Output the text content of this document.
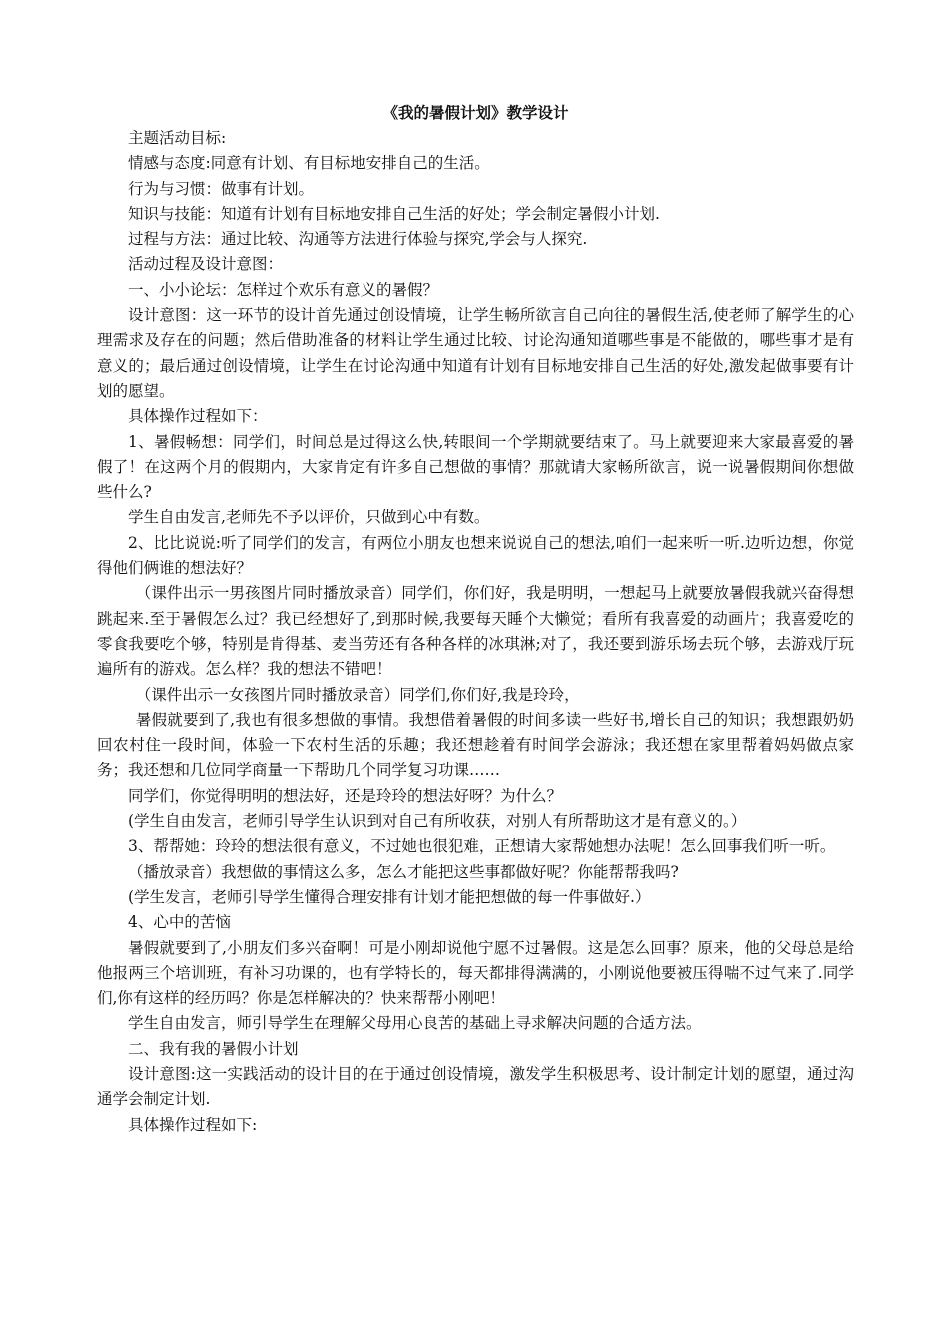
《我的暑假计划》教学设计

主题活动目标:

情感与态度:同意有计划、有目标地安排自己的生活。

行为与习惯：做事有计划。

知识与技能：知道有计划有目标地安排自己生活的好处；学会制定暑假小计划.

过程与方法：通过比较、沟通等方法进行体验与探究,学会与人探究.

活动过程及设计意图：

一、小小论坛：怎样过个欢乐有意义的暑假？

设计意图：这一环节的设计首先通过创设情境，让学生畅所欲言自己向往的暑假生活,使老师了解学生的心理需求及存在的问题；然后借助准备的材料让学生通过比较、讨论沟通知道哪些事是不能做的，哪些事才是有意义的；最后通过创设情境，让学生在讨论沟通中知道有计划有目标地安排自己生活的好处,激发起做事要有计划的愿望。

具体操作过程如下：

1、暑假畅想：同学们，时间总是过得这么快,转眼间一个学期就要结束了。马上就要迎来大家最喜爱的暑假了！在这两个月的假期内，大家肯定有许多自己想做的事情？那就请大家畅所欲言，说一说暑假期间你想做些什么?

学生自由发言,老师先不予以评价，只做到心中有数。

2、比比说说:听了同学们的发言，有两位小朋友也想来说说自己的想法,咱们一起来听一听.边听边想，你觉得他们俩谁的想法好？

（课件出示一男孩图片同时播放录音）同学们，你们好，我是明明，一想起马上就要放暑假我就兴奋得想跳起来.至于暑假怎么过？我已经想好了,到那时候,我要每天睡个大懒觉；看所有我喜爱的动画片；我喜爱吃的零食我要吃个够，特别是肯得基、麦当劳还有各种各样的冰琪淋;对了，我还要到游乐场去玩个够，去游戏厅玩遍所有的游戏。怎么样？我的想法不错吧！

（课件出示一女孩图片同时播放录音）同学们,你们好,我是玲玲，

暑假就要到了,我也有很多想做的事情。我想借着暑假的时间多读一些好书,增长自己的知识；我想跟奶奶回农村住一段时间，体验一下农村生活的乐趣；我还想趁着有时间学会游泳；我还想在家里帮着妈妈做点家务；我还想和几位同学商量一下帮助几个同学复习功课……

同学们，你觉得明明的想法好，还是玲玲的想法好呀？为什么？

(学生自由发言，老师引导学生认识到对自己有所收获，对别人有所帮助这才是有意义的。）

3、帮帮她：玲玲的想法很有意义，不过她也很犯难，正想请大家帮她想办法呢！怎么回事我们听一听。

（播放录音）我想做的事情这么多，怎么才能把这些事都做好呢？你能帮帮我吗?

(学生发言，老师引导学生懂得合理安排有计划才能把想做的每一件事做好.）

4、心中的苦恼

暑假就要到了,小朋友们多兴奋啊！可是小刚却说他宁愿不过暑假。这是怎么回事？原来，他的父母总是给他报两三个培训班，有补习功课的，也有学特长的，每天都排得满满的，小刚说他要被压得喘不过气来了.同学们,你有这样的经历吗？你是怎样解决的？快来帮帮小刚吧！

学生自由发言，师引导学生在理解父母用心良苦的基础上寻求解决问题的合适方法。

二、我有我的暑假小计划

设计意图:这一实践活动的设计目的在于通过创设情境，激发学生积极思考、设计制定计划的愿望，通过沟通学会制定计划.

具体操作过程如下:
